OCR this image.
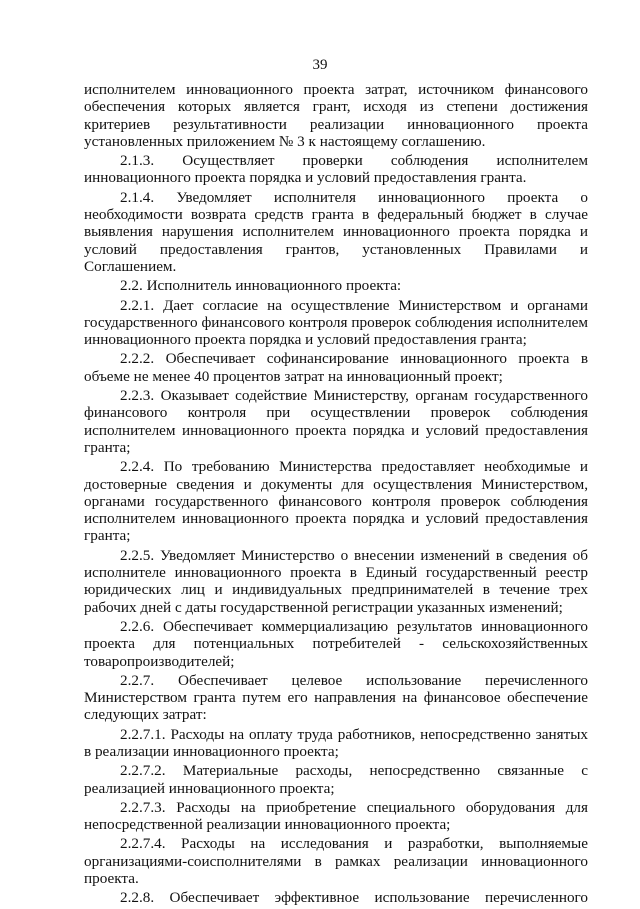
39

исполнителем инновационного проекта затрат, источником финансового обеспечения которых является грант, исходя из степени достижения критериев результативности реализации инновационного проекта установленных приложением № 3 к настоящему соглашению.

2.1.3. Осуществляет проверки соблюдения исполнителем инновационного проекта порядка и условий предоставления гранта.

2.1.4. Уведомляет исполнителя инновационного проекта о необходимости возврата средств гранта в федеральный бюджет в случае выявления нарушения исполнителем инновационного проекта порядка и условий предоставления грантов, установленных Правилами и Соглашением.

2.2. Исполнитель инновационного проекта:

2.2.1. Дает согласие на осуществление Министерством и органами государственного финансового контроля проверок соблюдения исполнителем инновационного проекта порядка и условий предоставления гранта;

2.2.2. Обеспечивает софинансирование инновационного проекта в объеме не менее 40 процентов затрат на инновационный проект;

2.2.3. Оказывает содействие Министерству, органам государственного финансового контроля при осуществлении проверок соблюдения исполнителем инновационного проекта порядка и условий предоставления гранта;

2.2.4. По требованию Министерства предоставляет необходимые и достоверные сведения и документы для осуществления Министерством, органами государственного финансового контроля проверок соблюдения исполнителем инновационного проекта порядка и условий предоставления гранта;

2.2.5. Уведомляет Министерство о внесении изменений в сведения об исполнителе инновационного проекта в Единый государственный реестр юридических лиц и индивидуальных предпринимателей в течение трех рабочих дней с даты государственной регистрации указанных изменений;

2.2.6. Обеспечивает коммерциализацию результатов инновационного проекта для потенциальных потребителей - сельскохозяйственных товаропроизводителей;

2.2.7. Обеспечивает целевое использование перечисленного Министерством гранта путем его направления на финансовое обеспечение следующих затрат:

2.2.7.1. Расходы на оплату труда работников, непосредственно занятых в реализации инновационного проекта;

2.2.7.2. Материальные расходы, непосредственно связанные с реализацией инновационного проекта;

2.2.7.3. Расходы на приобретение специального оборудования для непосредственной реализации инновационного проекта;

2.2.7.4. Расходы на исследования и разработки, выполняемые организациями-соисполнителями в рамках реализации инновационного проекта.

2.2.8. Обеспечивает эффективное использование перечисленного
